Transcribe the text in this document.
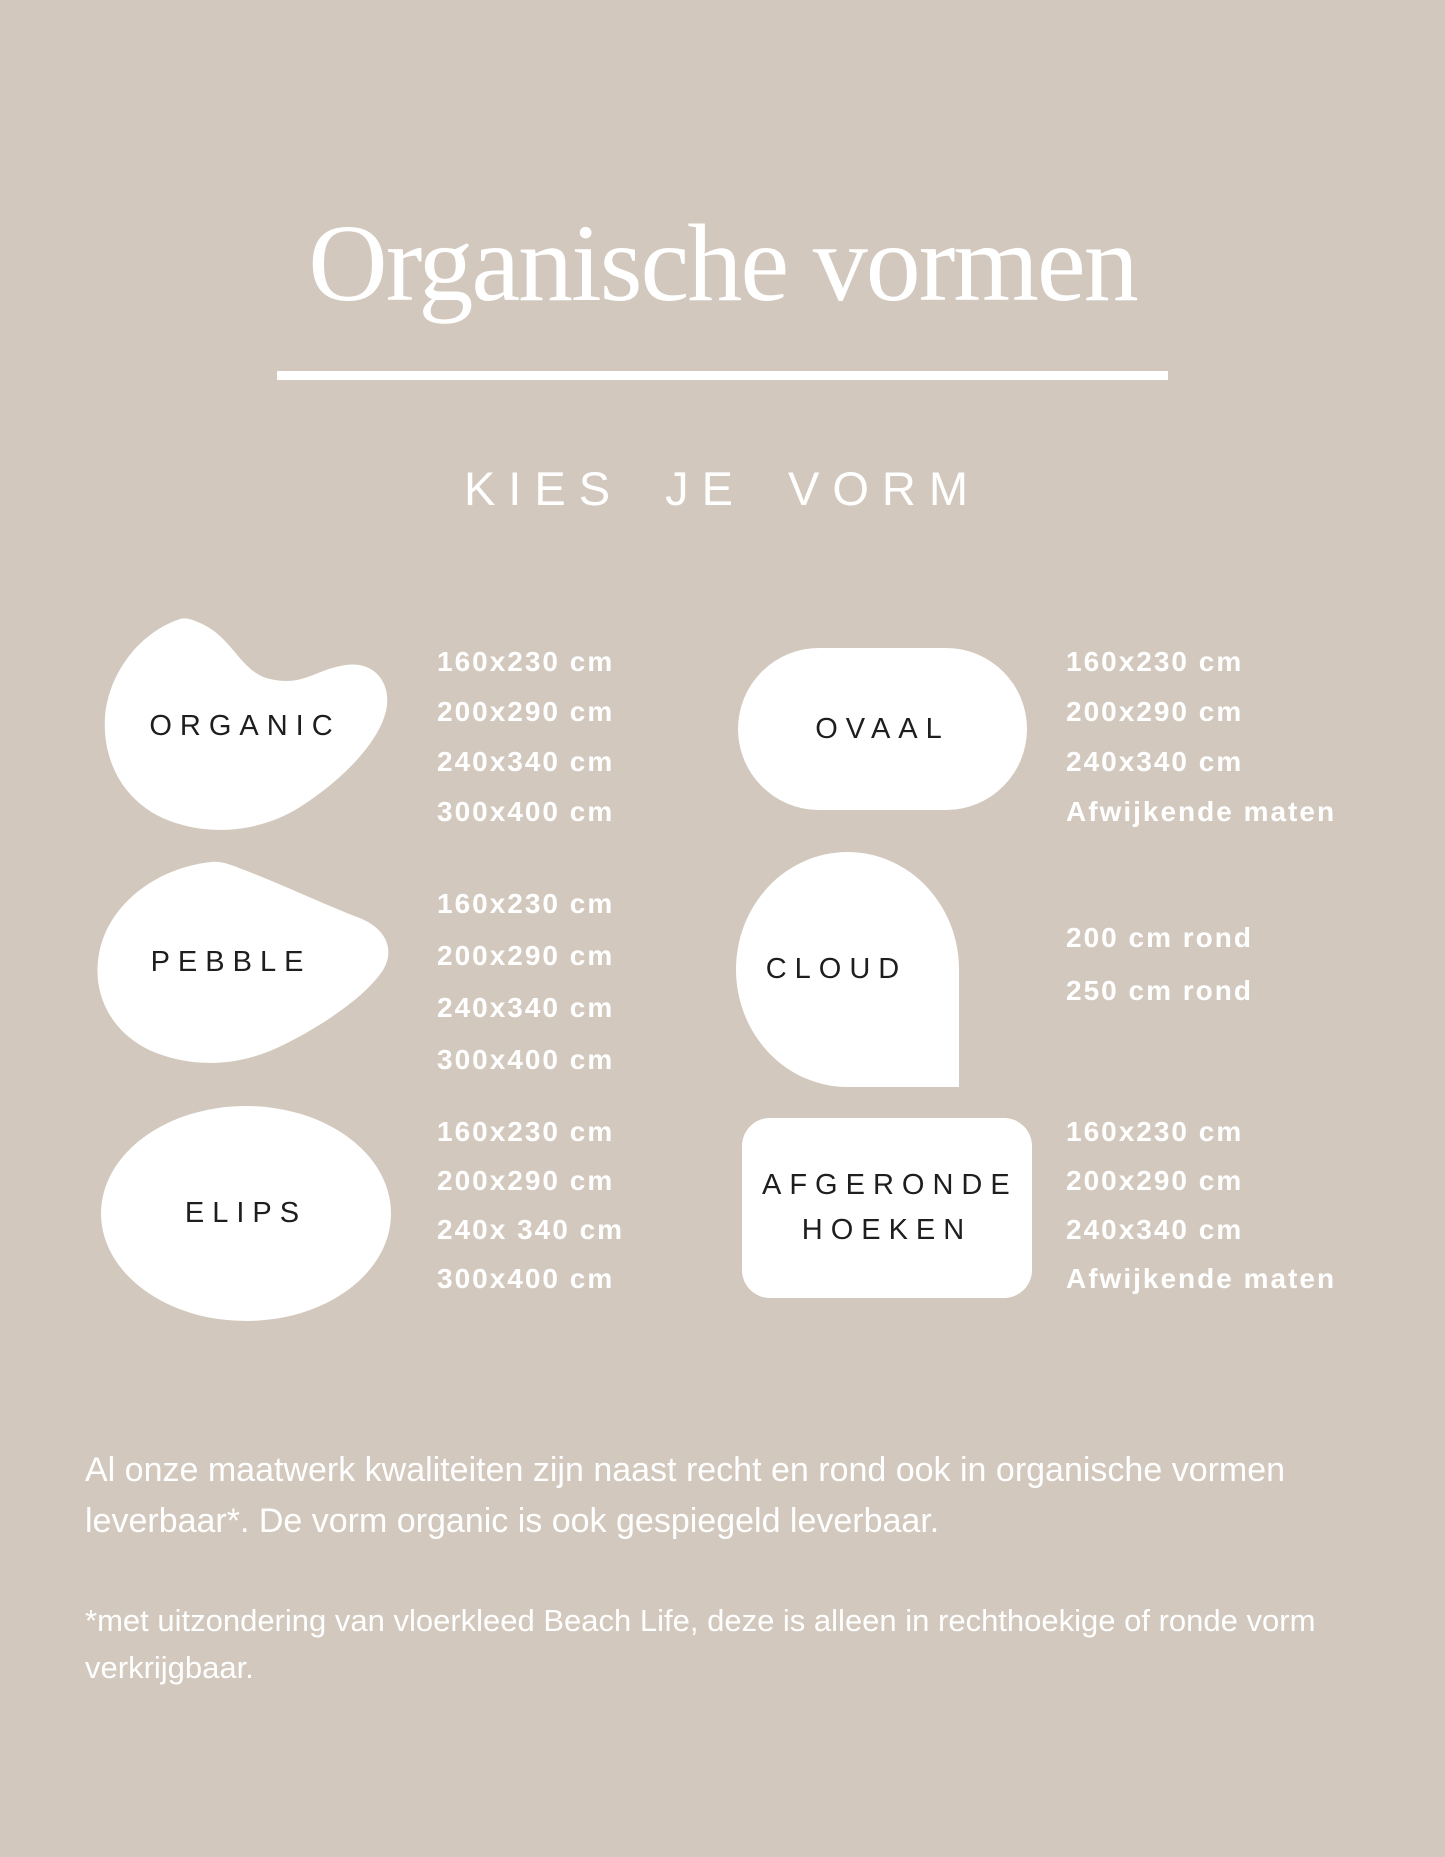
Organische vormen
KIES JE VORM
ORGANIC
160x230 cm
200x290 cm
240x340 cm
300x400 cm
OVAAL
160x230 cm
200x290 cm
240x340 cm
Afwijkende maten
PEBBLE
160x230 cm
200x290 cm
240x340 cm
300x400 cm
CLOUD
200 cm rond
250 cm rond
ELIPS
160x230 cm
200x290 cm
240x 340 cm
300x400 cm
AFGERONDE HOEKEN
160x230 cm
200x290 cm
240x340 cm
Afwijkende maten
Al onze maatwerk kwaliteiten zijn naast recht en rond ook in organische vormen leverbaar*. De vorm organic is ook gespiegeld leverbaar.
*met uitzondering van vloerkleed Beach Life, deze is alleen in rechthoekige of ronde vorm verkrijgbaar.
